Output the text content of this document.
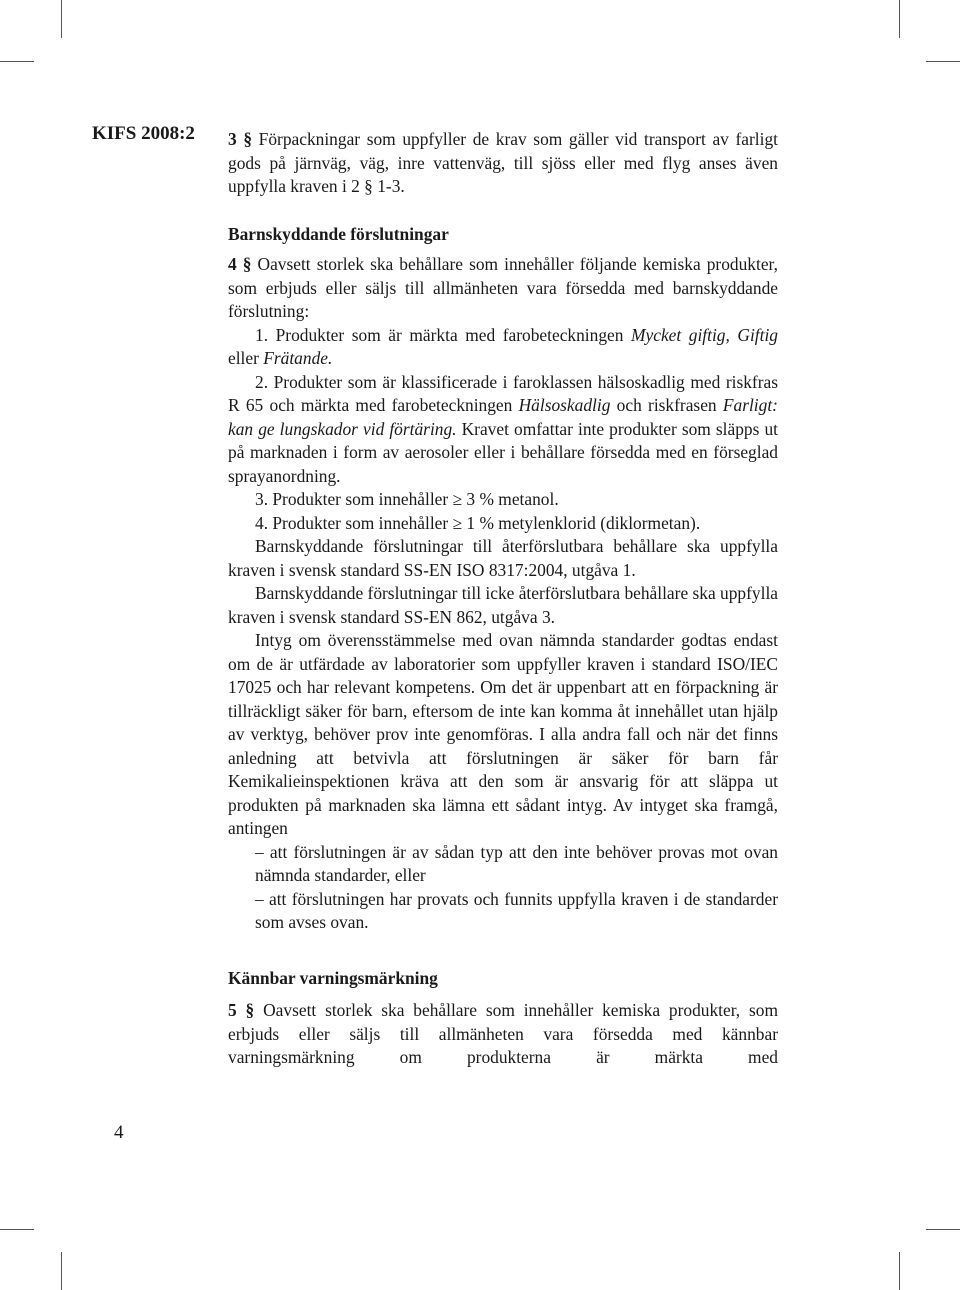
KIFS 2008:2
4

3 § Förpackningar som uppfyller de krav som gäller vid transport av farligt gods på järnväg, väg, inre vattenväg, till sjöss eller med flyg anses även uppfylla kraven i 2 § 1-3.

Barnskyddande förslutningar

4 § Oavsett storlek ska behållare som innehåller följande kemiska produkter, som erbjuds eller säljs till allmänheten vara försedda med barnskyddande förslutning:

1. Produkter som är märkta med farobeteckningen Mycket giftig, Giftig eller Frätande.

2. Produkter som är klassificerade i faroklassen hälsoskadlig med riskfras R 65 och märkta med farobeteckningen Hälsoskadlig och riskfrasen Farligt: kan ge lungskador vid förtäring. Kravet omfattar inte produkter som släpps ut på marknaden i form av aerosoler eller i behållare försedda med en förseglad sprayanordning.

3. Produkter som innehåller ≥ 3 % metanol.

4. Produkter som innehåller ≥ 1 % metylenklorid (diklormetan).

Barnskyddande förslutningar till återförslutbara behållare ska uppfylla kraven i svensk standard SS-EN ISO 8317:2004, utgåva 1.

Barnskyddande förslutningar till icke återförslutbara behållare ska uppfylla kraven i svensk standard SS-EN 862, utgåva 3.

Intyg om överensstämmelse med ovan nämnda standarder godtas endast om de är utfärdade av laboratorier som uppfyller kraven i standard ISO/IEC 17025 och har relevant kompetens. Om det är uppenbart att en förpackning är tillräckligt säker för barn, eftersom de inte kan komma åt innehållet utan hjälp av verktyg, behöver prov inte genomföras. I alla andra fall och när det finns anledning att betvivla att förslutningen är säker för barn får Kemikalieinspektionen kräva att den som är ansvarig för att släppa ut produkten på marknaden ska lämna ett sådant intyg. Av intyget ska framgå, antingen

– att förslutningen är av sådan typ att den inte behöver provas mot ovan nämnda standarder, eller

– att förslutningen har provats och funnits uppfylla kraven i de standarder som avses ovan.

Kännbar varningsmärkning

5 § Oavsett storlek ska behållare som innehåller kemiska produkter, som erbjuds eller säljs till allmänheten vara försedda med kännbar varningsmärkning om produkterna är märkta med
